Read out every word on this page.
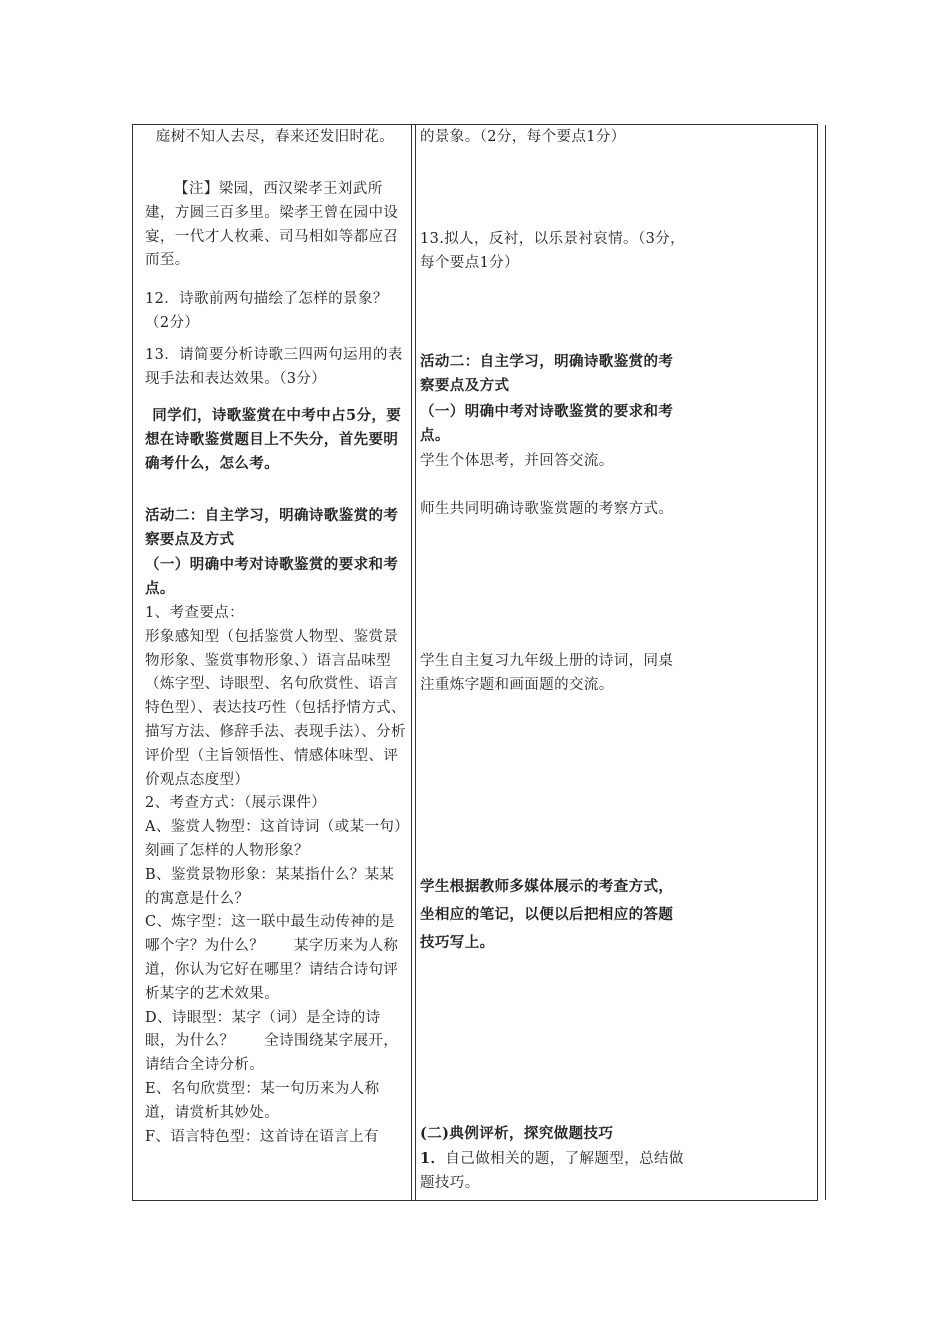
庭树不知人去尽，春来还发旧时花。

【注】梁园，西汉梁孝王刘武所建，方圆三百多里。梁孝王曾在园中设宴，一代才人枚乘、司马相如等都应召而至。

12．诗歌前两句描绘了怎样的景象？（2分）

13．请简要分析诗歌三四两句运用的表现手法和表达效果。（3分）

同学们，诗歌鉴赏在中考中占5分，要想在诗歌鉴赏题目上不失分，首先要明确考什么，怎么考。

活动二：自主学习，明确诗歌鉴赏的考察要点及方式

（一）明确中考对诗歌鉴赏的要求和考点。

1、考查要点：

形象感知型（包括鉴赏人物型、鉴赏景物形象、鉴赏事物形象、）语言品味型（炼字型、诗眼型、名句欣赏性、语言特色型）、表达技巧性（包括抒情方式、描写方法、修辞手法、表现手法）、分析评价型（主旨领悟性、情感体味型、评价观点态度型）

2、考查方式：（展示课件）

A、鉴赏人物型：这首诗词（或某一句）刻画了怎样的人物形象？

B、鉴赏景物形象：某某指什么？某某的寓意是什么？

C、炼字型：这一联中最生动传神的是哪个字？为什么？　　某字历来为人称道，你认为它好在哪里？请结合诗句评析某字的艺术效果。

D、诗眼型：某字（词）是全诗的诗眼，为什么？　　全诗围绕某字展开，请结合全诗分析。

E、名句欣赏型：某一句历来为人称道，请赏析其妙处。

F、语言特色型：这首诗在语言上有

的景象。（2分，每个要点1分）

13.拟人，反衬，以乐景衬哀情。（3分，每个要点1分）

活动二：自主学习，明确诗歌鉴赏的考察要点及方式

（一）明确中考对诗歌鉴赏的要求和考点。

学生个体思考，并回答交流。

师生共同明确诗歌鉴赏题的考察方式。

学生自主复习九年级上册的诗词，同桌注重炼字题和画面题的交流。

学生根据教师多媒体展示的考查方式，坐相应的笔记，以便以后把相应的答题技巧写上。

(二)典例评析，探究做题技巧

1．自己做相关的题，了解题型，总结做题技巧。
